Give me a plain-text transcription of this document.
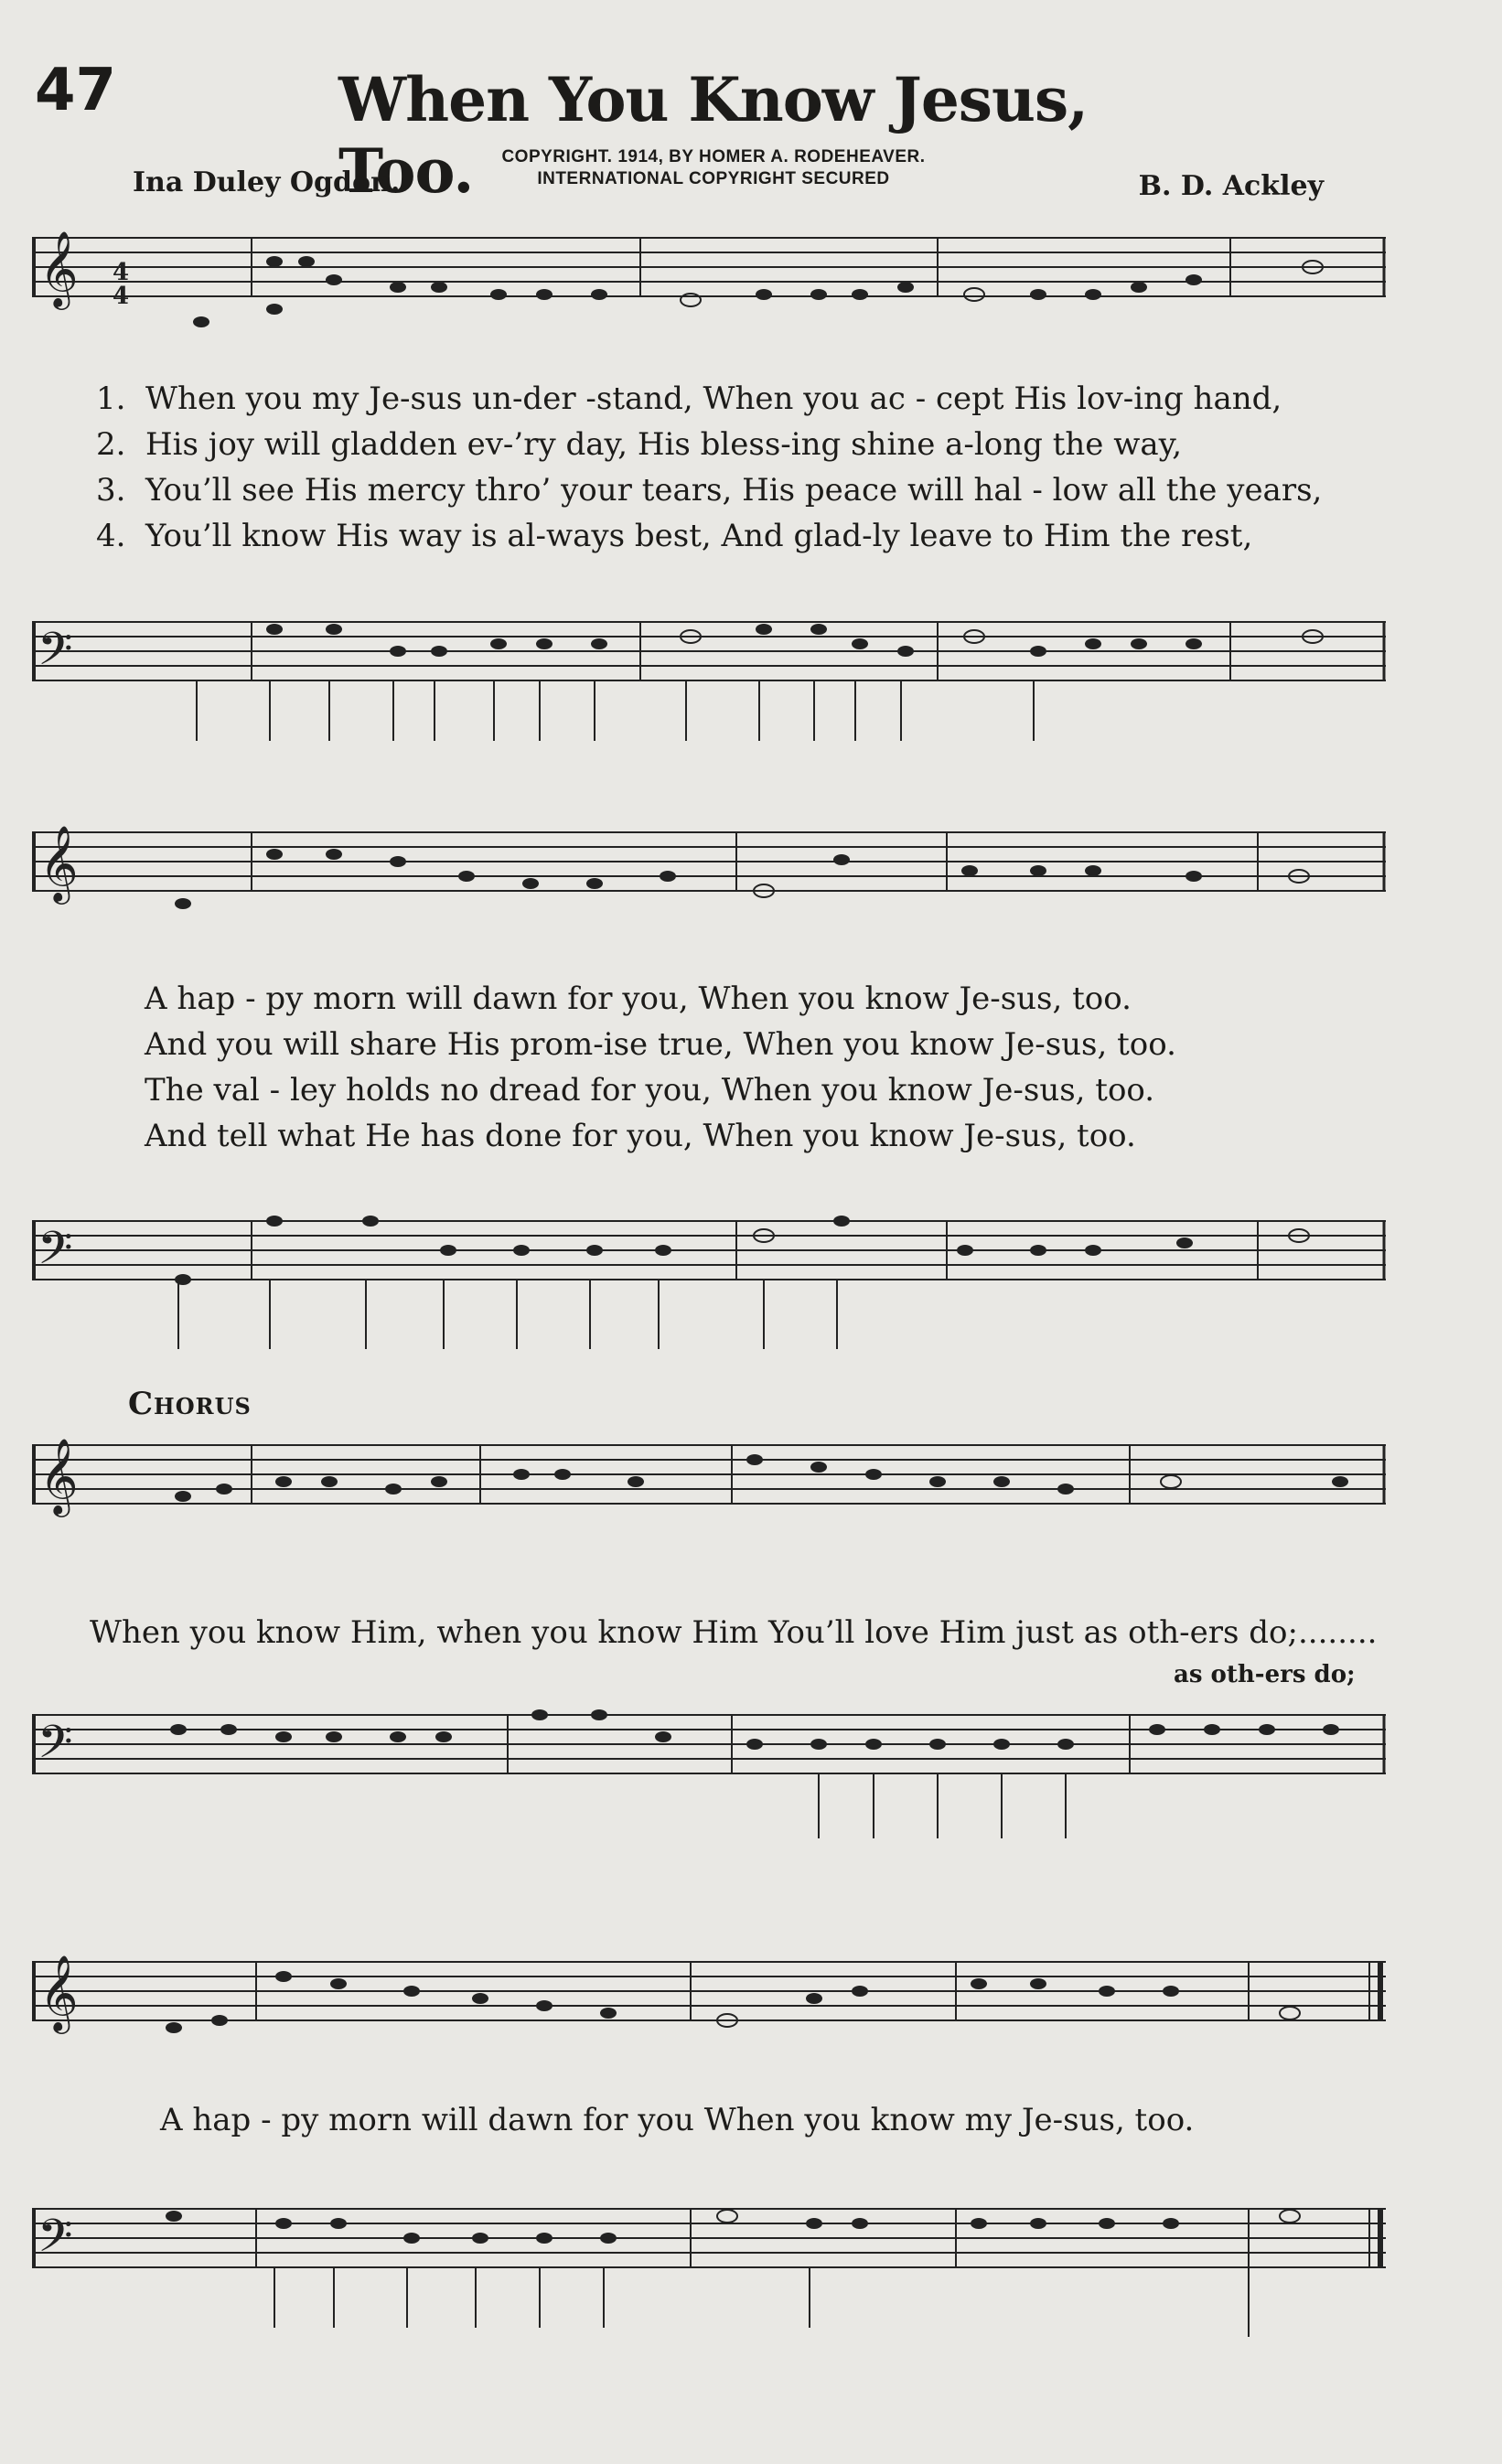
47	When You Know Jesus, Too.
Ina Duley Ogdon.
COPYRIGHT. 1914, BY HOMER A. RODEHEAVER.
INTERNATIONAL COPYRIGHT SECURED	B. D. Ackley
𝄞 4
4
1. When you my Je-sus un-der -stand, When you ac - cept His lov-ing hand,
2. His joy will gladden ev-’ry day, His bless-ing shine a-long the way,
3. You’ll see His mercy thro’ your tears, His peace will hal - low all the years,
4. You’ll know His way is al-ways best, And glad-ly leave to Him the rest,
𝄢
𝄞
A hap - py morn will dawn for you, When you know Je-sus, too.
And you will share His prom-ise true, When you know Je-sus, too.
The val - ley holds no dread for you, When you know Je-sus, too.
And tell what He has done for you, When you know Je-sus, too.
𝄢
Chorus
𝄞
When you know Him, when you know Him You’ll love Him just as oth-ers do;........
as oth-ers do;
𝄢
𝄞
A hap - py morn will dawn for you When you know my Je-sus, too.
𝄢
